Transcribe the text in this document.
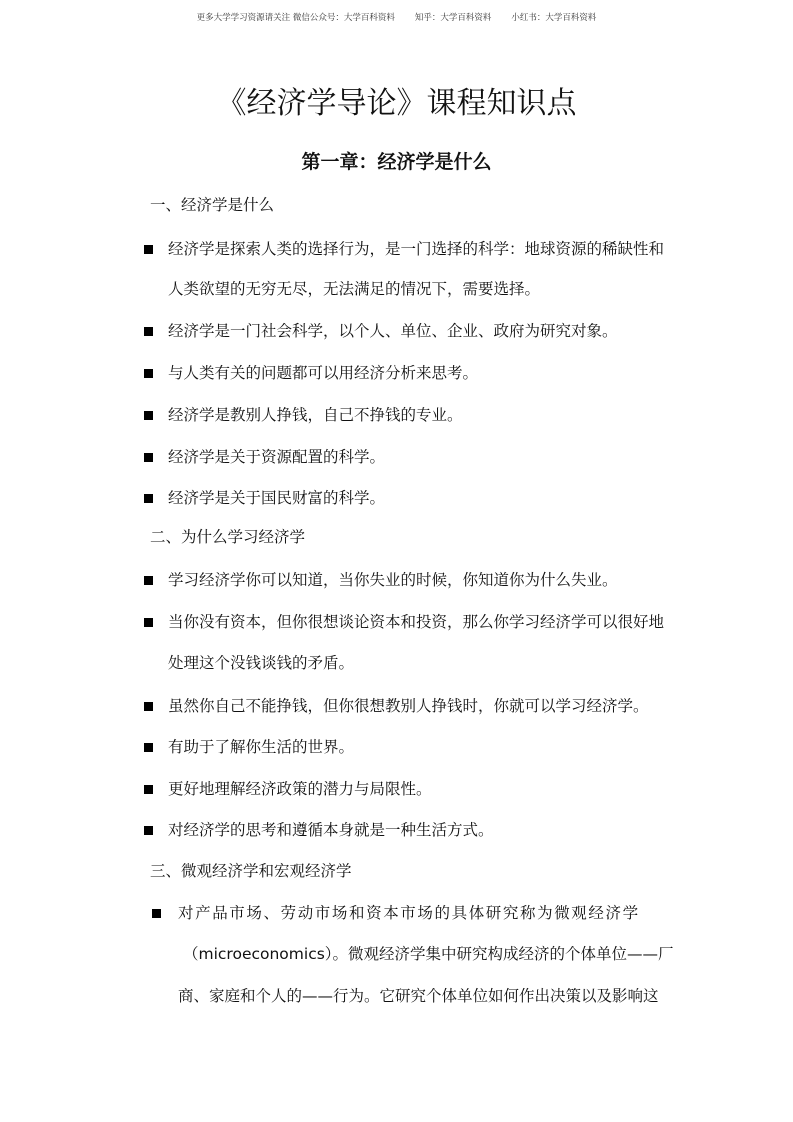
更多大学学习资源请关注 微信公众号：大学百科资料 知乎：大学百科资料 小红书：大学百科资料
《经济学导论》课程知识点
第一章：经济学是什么
一、经济学是什么
经济学是探索人类的选择行为，是一门选择的科学：地球资源的稀缺性和
人类欲望的无穷无尽，无法满足的情况下，需要选择。
经济学是一门社会科学，以个人、单位、企业、政府为研究对象。
与人类有关的问题都可以用经济分析来思考。
经济学是教别人挣钱，自己不挣钱的专业。
经济学是关于资源配置的科学。
经济学是关于国民财富的科学。
二、为什么学习经济学
学习经济学你可以知道，当你失业的时候，你知道你为什么失业。
当你没有资本，但你很想谈论资本和投资，那么你学习经济学可以很好地
处理这个没钱谈钱的矛盾。
虽然你自己不能挣钱，但你很想教别人挣钱时，你就可以学习经济学。
有助于了解你生活的世界。
更好地理解经济政策的潜力与局限性。
对经济学的思考和遵循本身就是一种生活方式。
三、微观经济学和宏观经济学
对产品市场、劳动市场和资本市场的具体研究称为微观经济学
（microeconomics）。微观经济学集中研究构成经济的个体单位——厂
商、家庭和个人的——行为。它研究个体单位如何作出决策以及影响这
